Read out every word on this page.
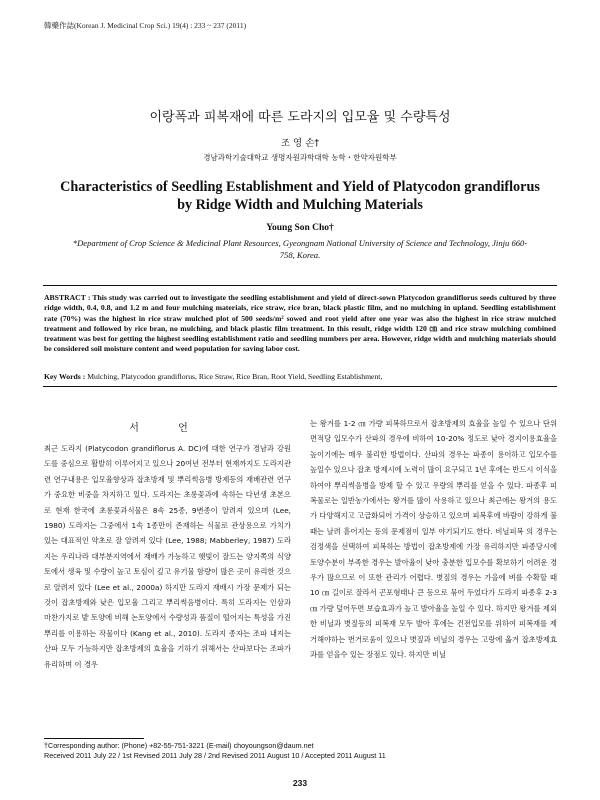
韓藥作誌(Korean J. Medicinal Crop Sci.) 19(4) : 233 ~ 237 (2011)
이랑폭과 피복재에 따른 도라지의 입모율 및 수량특성
조 영 손†
경남과학기술대학교 생명자원과학대학 농학・한약자원학부
Characteristics of Seedling Establishment and Yield of Platycodon grandiflorus
by Ridge Width and Mulching Materials
Young Son Cho†
*Department of Crop Science & Medicinal Plant Resources, Gyeongnam National University of Science and Technology, Jinju 660-758, Korea.
ABSTRACT : This study was carried out to investigate the seedling establishment and yield of direct-sown Platycodon grandiflorus seeds cultured by three ridge width, 0.4, 0.8, and 1.2 m and four mulching materials, rice straw, rice bran, black plastic film, and no mulching in upland. Seedling establishment rate (70%) was the highest in rice straw mulched plot of 500 seeds/m² sowed and root yield after one year was also the highest in rice straw mulched treatment and followed by rice bran, no mulching, and black plastic film treatment. In this result, ridge width 120 ㎝ and rice straw mulching combined treatment was best for getting the highest seedling establishment ratio and seedling numbers per area. However, ridge width and mulching materials should be considered soil moisture content and weed population for saving labor cost.
Key Words : Mulching, Platycodon grandiflorus, Rice Straw, Rice Bran, Root Yield, Seedling Establishment,
서 언
최근 도라지 (Platycodon grandiflorus A. DC)에 대한 연구가 경남과 강원도를 중심으로 활발히 이루어지고 있으나 20여년 전부터 현재까지도 도라지관련 연구내용은 입모율향상과 잡초방제 및 뿌리썩음병 방제등의 재배관련 연구가 중요한 비중을 차지하고 있다. 도라지는 초롱꽃과에 속하는 다년생 초본으로 현재 한국에 초롱꽃과식물은 8속 25종, 9변종이 알려져 있으며 (Lee, 1980) 도라지는 그중에서 1속 1종만이 존재하는 식물로 관상용으로 가치가 있는 대표적인 약초로 잘 알려져 있다 (Lee, 1988; Mabberley, 1987) 도라지는 우리나라 대부분지역에서 재배가 가능하고 햇빛이 잘드는 양지쪽의 식양토에서 생육 및 수량이 높고 토심이 깊고 유기물 함량이 많은 곳이 유리한 것으로 알려져 있다 (Lee et al., 2000a) 하지만 도라지 재배시 가장 문제가 되는 것이 잡초방제와 낮은 입모율 그리고 뿌리썩음병이다. 특히 도라지는 인삼과 마찬가지로 밭 토양에 비해 논토양에서 수량성과 품질이 떨어지는 특성을 가진 뿌리를 이용하는 작물이다 (Kang et al., 2010). 도라지 종자는 조파 내지는 산파 모두 가능하지만 잡초방제의 효율을 기하기 위해서는 산파보다는 조파가 유리하며 이 경우
는 왕겨를 1-2 ㎝ 가량 피복하므로서 잡초방제의 효율을 높일 수 있으나 단위면적당 입모수가 산파의 경우에 비하여 10-20% 정도로 낮아 경지이용효율을 높이기에는 매우 불리한 방법이다. 산파의 경우는 파종이 용이하고 입모수를 높일수 있으나 잡초 방제시에 노력이 많이 요구되고 1년 후에는 반드시 이식을 하여야 뿌리썩음병을 방제 할 수 있고 우량의 뿌리를 얻을 수 있다. 파종후 피복물로는 일반농가에서는 왕겨를 많이 사용하고 있으나 최근에는 왕겨의 용도가 다양해지고 고급화되어 가격이 상승하고 있으며 피복후에 바람이 강하게 불때는 날려 흩어지는 등의 문제점이 일부 야기되기도 한다. 비닐피복 의 경우는 검정색을 선택하여 피복하는 방법이 잡초방제에 가장 유리하지만 파종당시에 토양수분이 부족한 경우는 발아율이 낮아 충분한 입모수를 확보하기 어려운 경우가 많으므로 이 또한 관리가 어렵다. 볏짚의 경우는 가을에 벼를 수확할 때 10 ㎝ 길이로 잘라서 곤포형태나 큰 등으로 묶어 두었다가 도라지 파종후 2-3 ㎝ 가량 덮어두면 보습효과가 높고 발아율을 높일 수 있다. 하지만 왕겨를 제외한 비닐과 볏짚등의 피복재 모두 발아 후에는 건전입모를 위하여 피복재를 제거해야하는 번거로움이 있으나 볏짚과 비닐의 경우는 고랑에 옮겨 잡초방제효과를 얻을수 있는 장점도 있다. 하지만 비닐
†Corresponding author: (Phone) +82-55-751-3221 (E-mail) choyoungson@daum.net
Received 2011 July 22 / 1st Revised 2011 July 28 / 2nd Revised 2011 August 10 / Accepted 2011 August 11
233
